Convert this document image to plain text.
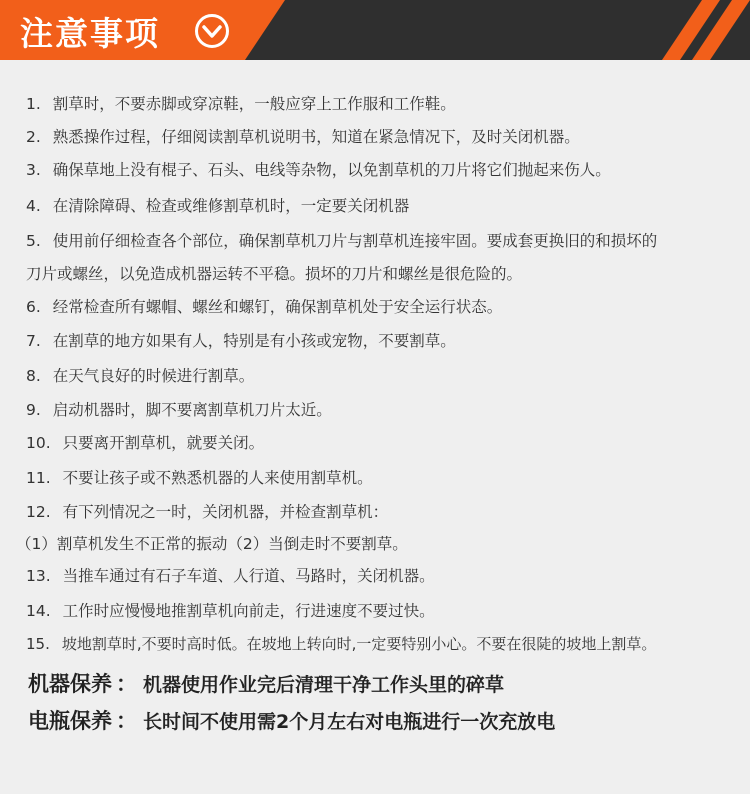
注意事项
1. 割草时，不要赤脚或穿凉鞋，一般应穿上工作服和工作鞋。
2. 熟悉操作过程，仔细阅读割草机说明书，知道在紧急情况下，及时关闭机器。
3. 确保草地上没有棍子、石头、电线等杂物，以免割草机的刀片将它们抛起来伤人。
4. 在清除障碍、检查或维修割草机时，一定要关闭机器
5. 使用前仔细检查各个部位，确保割草机刀片与割草机连接牢固。要成套更换旧的和损坏的
刀片或螺丝，以免造成机器运转不平稳。损坏的刀片和螺丝是很危险的。
6. 经常检查所有螺帽、螺丝和螺钉，确保割草机处于安全运行状态。
7. 在割草的地方如果有人，特别是有小孩或宠物，不要割草。
8. 在天气良好的时候进行割草。
9. 启动机器时，脚不要离割草机刀片太近。
10. 只要离开割草机，就要关闭。
11. 不要让孩子或不熟悉机器的人来使用割草机。
12. 有下列情况之一时，关闭机器，并检查割草机：
（1）割草机发生不正常的振动（2）当倒走时不要割草。
13. 当推车通过有石子车道、人行道、马路时，关闭机器。
14. 工作时应慢慢地推割草机向前走，行进速度不要过快。
15. 坡地割草时,不要时高时低。在坡地上转向时,一定要特别小心。不要在很陡的坡地上割草。
机器保养 ： 机器使用作业完后清理干净工作头里的碎草
电瓶保养 ： 长时间不使用需2个月左右对电瓶进行一次充放电
